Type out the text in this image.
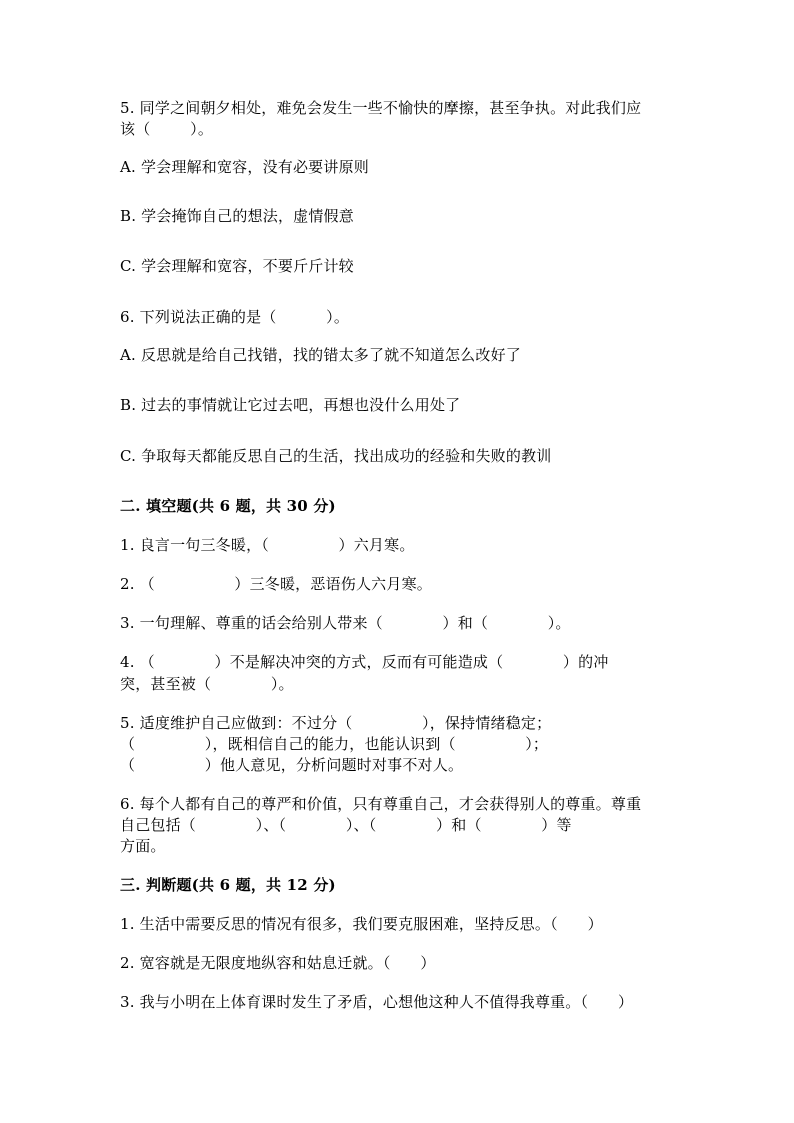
5. 同学之间朝夕相处，难免会发生一些不愉快的摩擦，甚至争执。对此我们应
该（        ）。
A. 学会理解和宽容，没有必要讲原则
B. 学会掩饰自己的想法，虚情假意
C. 学会理解和宽容，不要斤斤计较
6. 下列说法正确的是（          ）。
A. 反思就是给自己找错，找的错太多了就不知道怎么改好了
B. 过去的事情就让它过去吧，再想也没什么用处了
C. 争取每天都能反思自己的生活，找出成功的经验和失败的教训
二. 填空题(共 6 题，共 30 分)
1. 良言一句三冬暖，（              ）六月寒。
2. （                ）三冬暖，恶语伤人六月寒。
3. 一句理解、尊重的话会给别人带来（            ）和（            ）。
4. （            ）不是解决冲突的方式，反而有可能造成（            ）的冲
突，甚至被（            ）。
5. 适度维护自己应做到：不过分（              ），保持情绪稳定；
（              ），既相信自己的能力，也能认识到（              ）；
（              ）他人意见，分析问题时对事不对人。
6. 每个人都有自己的尊严和价值，只有尊重自己，才会获得别人的尊重。尊重
自己包括（            ）、（            ）、（            ）和（            ）等
方面。
三. 判断题(共 6 题，共 12 分)
1. 生活中需要反思的情况有很多，我们要克服困难，坚持反思。（      ）
2. 宽容就是无限度地纵容和姑息迁就。（      ）
3. 我与小明在上体育课时发生了矛盾，心想他这种人不值得我尊重。（      ）
